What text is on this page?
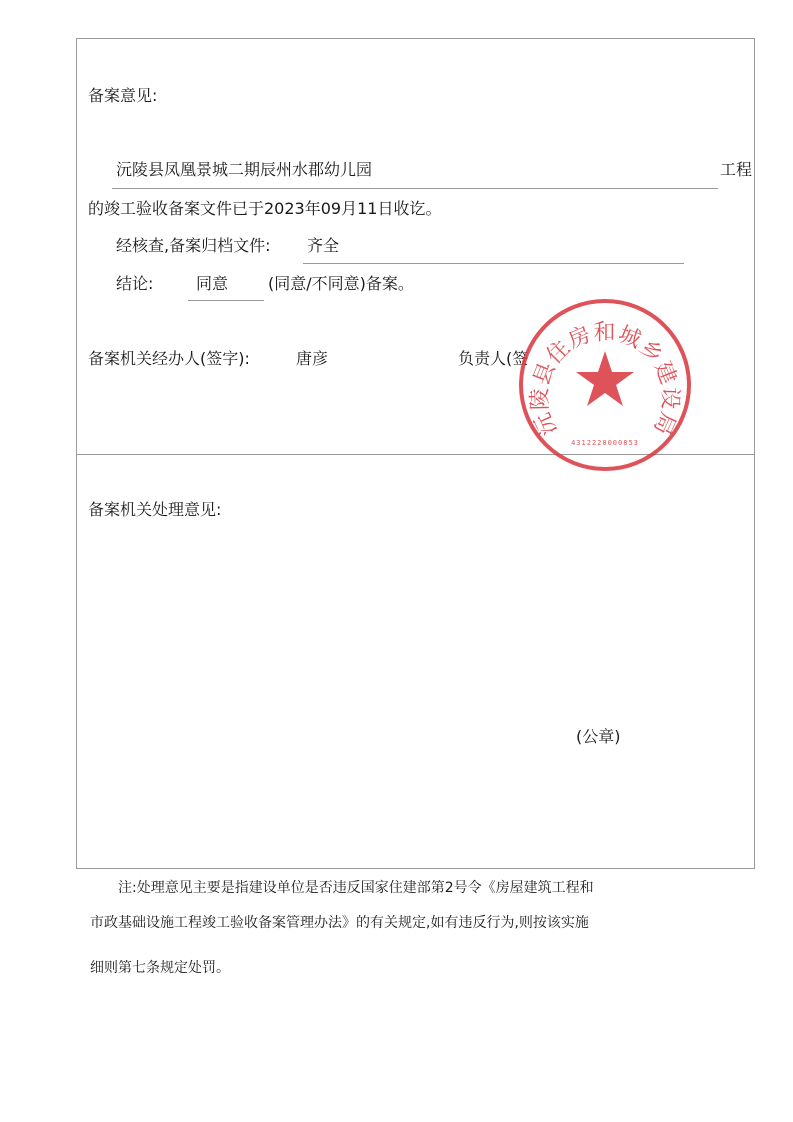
备案意见:
沅陵县凤凰景城二期辰州水郡幼儿园	工程
的竣工验收备案文件已于2023年09月11日收讫。
经核查,备案归档文件: 齐全
结论:	同意 (同意/不同意)备案。
备案机关经办人(签字):	唐彦	负责人(签
沅陵县住房和城乡建设局
4312220000853
备案机关处理意见:
(公章)
注:处理意见主要是指建设单位是否违反国家住建部第2号令《房屋建筑工程和
市政基础设施工程竣工验收备案管理办法》的有关规定,如有违反行为,则按该实施
细则第七条规定处罚。
